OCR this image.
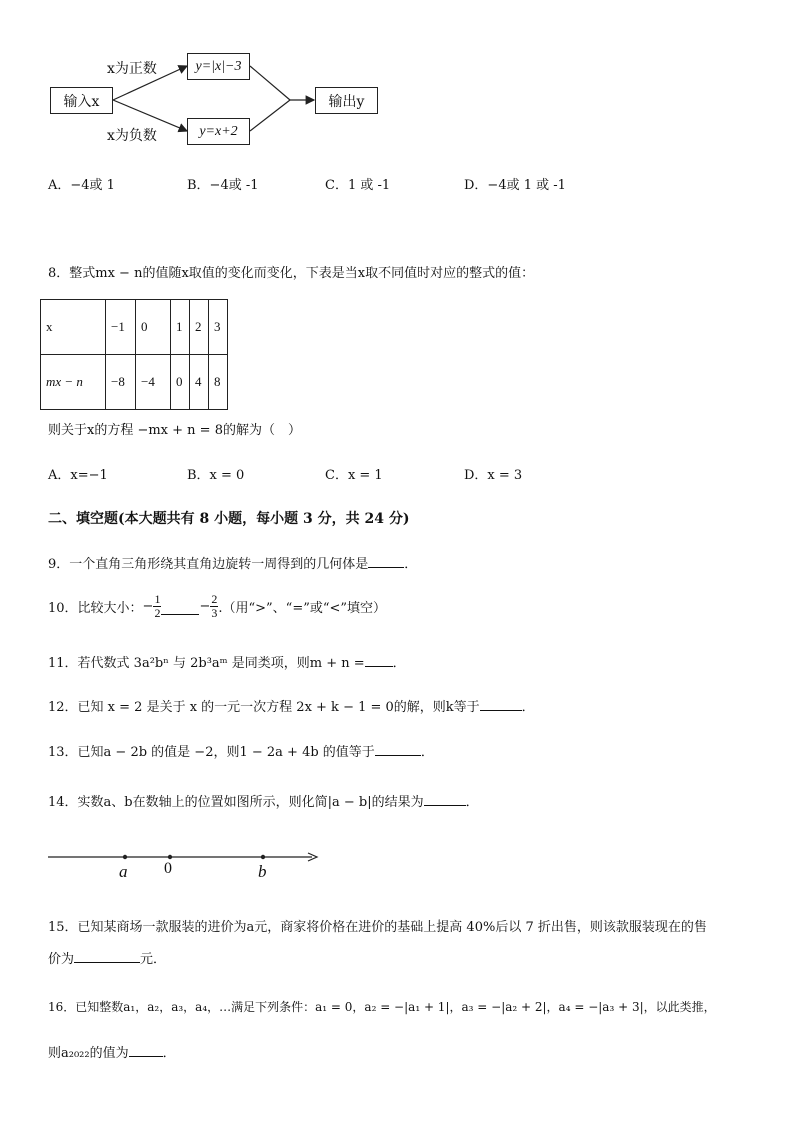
输入x
y=|x|−3
y=x+2
输出y
x为正数
x为负数
A．−4或 1	B．−4或 -1	C．1 或 -1	D．−4或 1 或 -1
8．整式mx − n的值随x取值的变化而变化，下表是当x取不同值时对应的整式的值：
x	−1	0	1	2	3
mx − n	−8	−4	0	4	8
则关于x的方程 −mx + n = 8的解为（　）
A．x=−1	B．x = 0	C．x = 1	D．x = 3
二、填空题(本大题共有 8 小题，每小题 3 分，共 24 分)
9．一个直角三角形绕其直角边旋转一周得到的几何体是	．
10．比较大小： − $\frac{1}{2}$	− $\frac{2}{3}$ .（用“>”、“=”或“<”填空）
11．若代数式 3a²bⁿ 与 2b³aᵐ 是同类项，则m + n = ．
12．已知 x = 2 是关于 x 的一元一次方程 2x + k − 1 = 0的解，则k等于	．
13．已知a − 2b 的值是 −2，则1 − 2a + 4b 的值等于	．
14．实数a、b在数轴上的位置如图所示，则化简|a − b|的结果为	．
a 0	b
15．已知某商场一款服装的进价为a元，商家将价格在进价的基础上提高 40%后以 7 折出售，则该款服装现在的售
价为	元．
16．已知整数a₁，a₂，a₃，a₄，…满足下列条件：a₁ = 0，a₂ = −|a₁ + 1|，a₃ = −|a₂ + 2|，a₄ = −|a₃ + 3|，以此类推，
则a₂₀₂₂的值为	．
